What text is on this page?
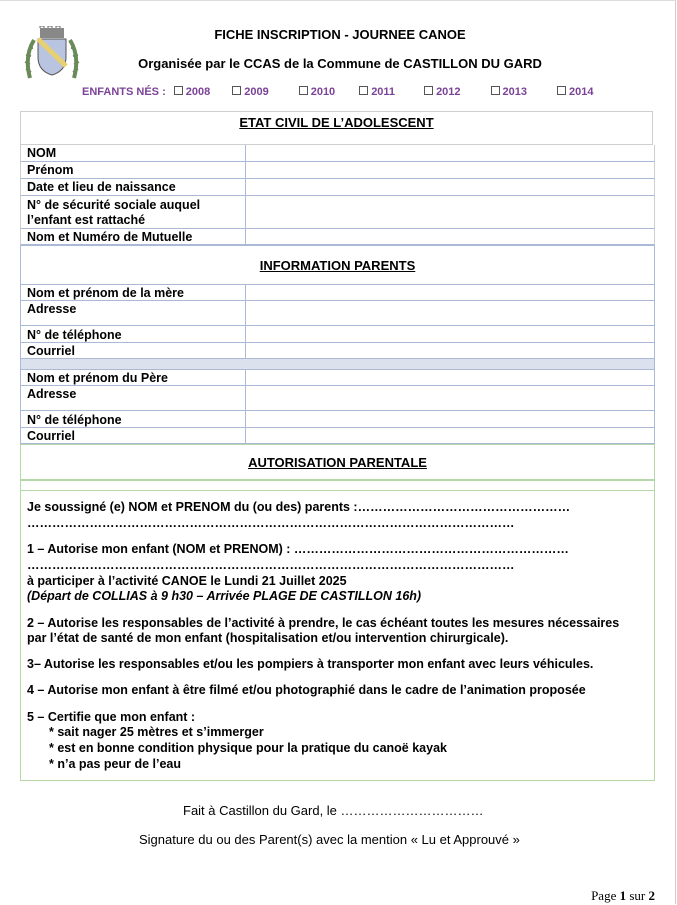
FICHE INSCRIPTION - JOURNEE CANOE
Organisée par le CCAS de la Commune de CASTILLON DU GARD
ENFANTS NÉS :	2008	2009	2010	2011	2012	2013	2014
ETAT CIVIL DE L’ADOLESCENT
NOM
Prénom
Date et lieu de naissance
N° de sécurité sociale auquel
l’enfant est rattaché
Nom et Numéro de Mutuelle
INFORMATION PARENTS
Nom et prénom de la mère
Adresse
N° de téléphone
Courriel
Nom et prénom du Père
Adresse
N° de téléphone
Courriel
AUTORISATION PARENTALE
Je soussigné (e) NOM et PRENOM du (ou des) parents :……………………………………………
………………………………………………………………………………………………………
1 – Autorise mon enfant (NOM et PRENOM) : …………………………………………………………
………………………………………………………………………………………………………
à participer à l’activité CANOE le Lundi 21 Juillet 2025
(Départ de COLLIAS à 9 h30 – Arrivée PLAGE DE CASTILLON 16h)
2 – Autorise les responsables de l’activité à prendre, le cas échéant toutes les mesures nécessaires
par l’état de santé de mon enfant (hospitalisation et/ou intervention chirurgicale).
3– Autorise les responsables et/ou les pompiers à transporter mon enfant avec leurs véhicules.
4 – Autorise mon enfant à être filmé et/ou photographié dans le cadre de l’animation proposée
5 – Certifie que mon enfant :
* sait nager 25 mètres et s’immerger
* est en bonne condition physique pour la pratique du canoë kayak
* n’a pas peur de l’eau
Fait à Castillon du Gard, le ……………………………
Signature du ou des Parent(s) avec la mention « Lu et Approuvé »
Page 1 sur 2
